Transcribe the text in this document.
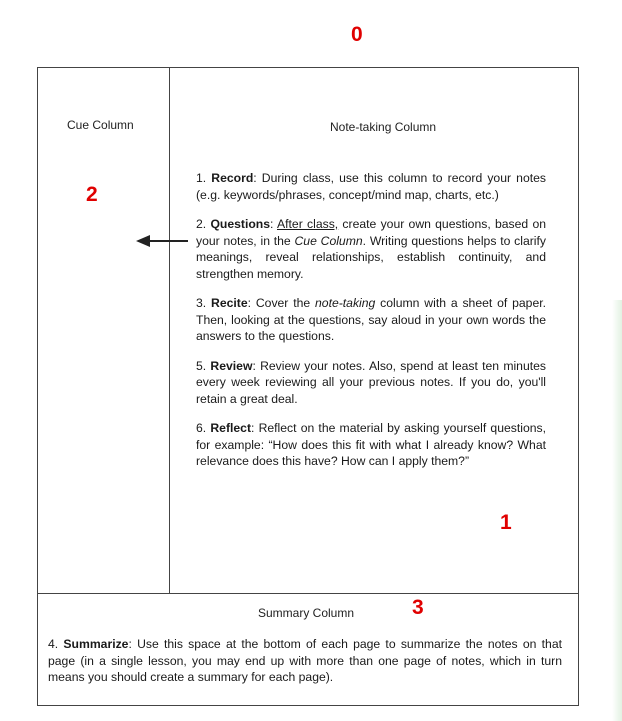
0
1
2
3
Cue Column	Note-taking Column

1. Record: During class, use this column to record your notes (e.g. keywords/phrases, concept/mind map, charts, etc.)

2. Questions: After class, create your own questions, based on your notes, in the Cue Column. Writing questions helps to clarify meanings, reveal relationships, establish continuity, and strengthen memory.

3. Recite: Cover the note-taking column with a sheet of paper. Then, looking at the questions, say aloud in your own words the answers to the questions.

5. Review: Review your notes. Also, spend at least ten minutes every week reviewing all your previous notes. If you do, you'll retain a great deal.

6. Reflect: Reflect on the material by asking yourself questions, for example: “How does this fit with what I already know? What relevance does this have? How can I apply them?”

Summary Column
4. Summarize: Use this space at the bottom of each page to summarize the notes on that page (in a single lesson, you may end up with more than one page of notes, which in turn means you should create a summary for each page).
